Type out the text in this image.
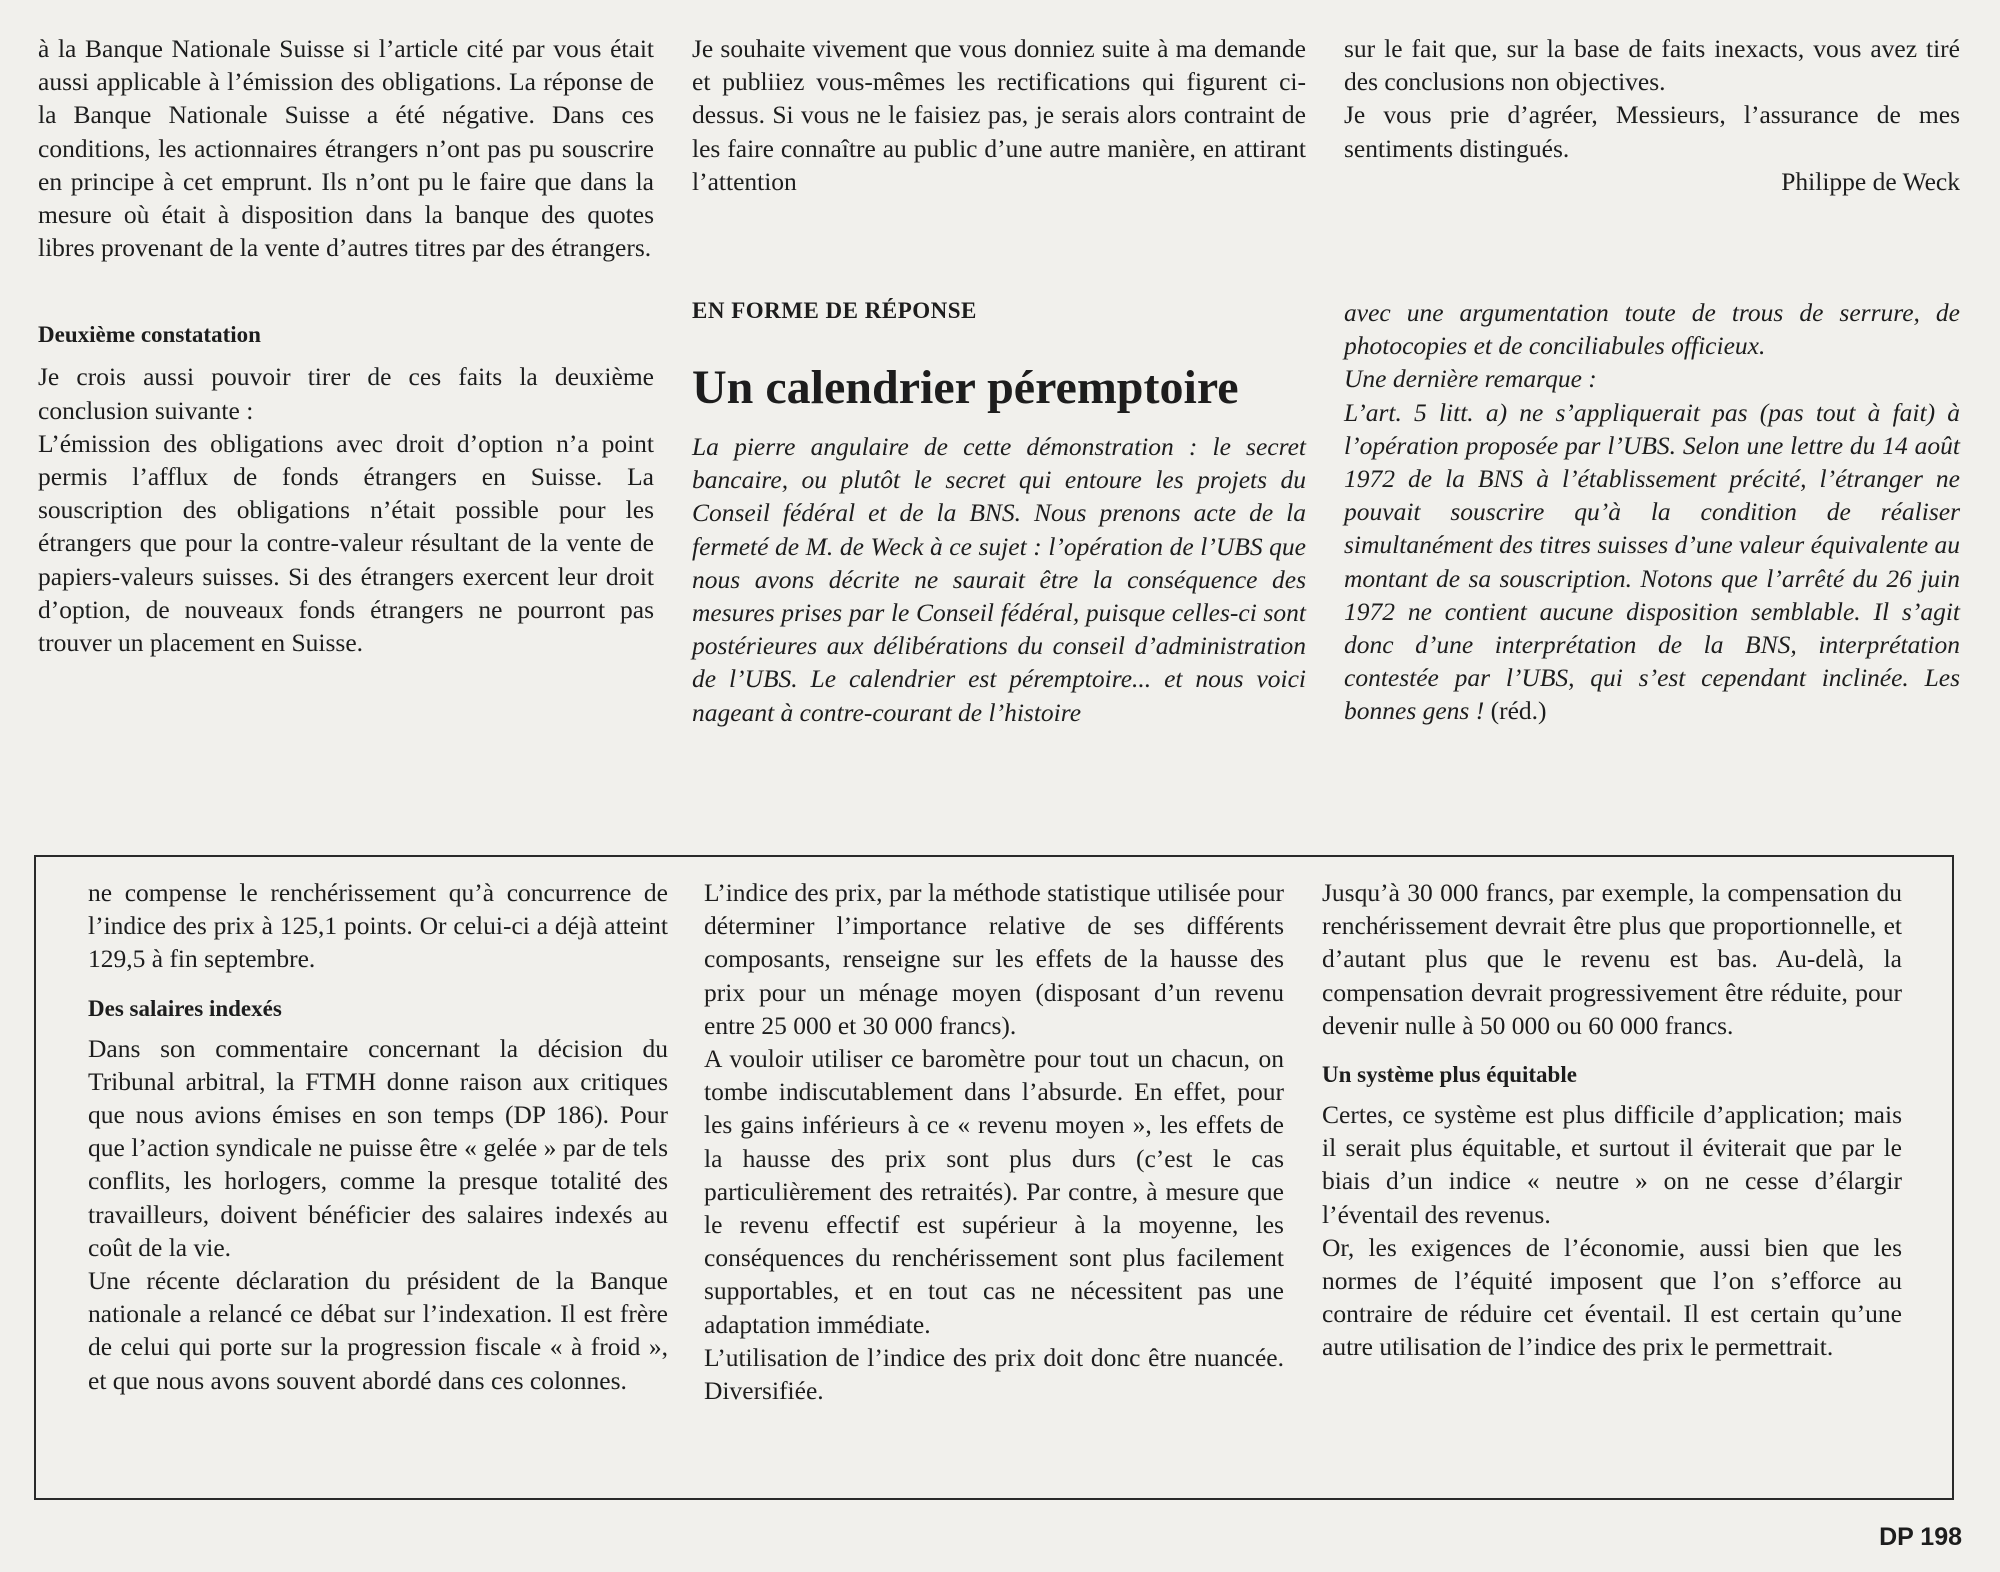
à la Banque Nationale Suisse si l’article cité par vous était aussi applicable à l’émission des obligations. La réponse de la Banque Nationale Suisse a été négative. Dans ces conditions, les actionnaires étrangers n’ont pas pu souscrire en principe à cet emprunt. Ils n’ont pu le faire que dans la mesure où était à disposition dans la banque des quotes libres provenant de la vente d’autres titres par des étrangers.

Deuxième constatation

Je crois aussi pouvoir tirer de ces faits la deuxième conclusion suivante :

L’émission des obligations avec droit d’option n’a point permis l’afflux de fonds étrangers en Suisse. La souscription des obligations n’était possible pour les étrangers que pour la contre-valeur résultant de la vente de papiers-valeurs suisses. Si des étrangers exercent leur droit d’option, de nouveaux fonds étrangers ne pourront pas trouver un placement en Suisse.

Je souhaite vivement que vous donniez suite à ma demande et publiiez vous-mêmes les rectifications qui figurent ci-dessus. Si vous ne le faisiez pas, je serais alors contraint de les faire connaître au public d’une autre manière, en attirant l’attention

EN FORME DE RÉPONSE
Un calendrier péremptoire

La pierre angulaire de cette démonstration : le secret bancaire, ou plutôt le secret qui entoure les projets du Conseil fédéral et de la BNS. Nous prenons acte de la fermeté de M. de Weck à ce sujet : l’opération de l’UBS que nous avons décrite ne saurait être la conséquence des mesures prises par le Conseil fédéral, puisque celles-ci sont postérieures aux délibérations du conseil d’administration de l’UBS. Le calendrier est péremptoire... et nous voici nageant à contre-courant de l’histoire

sur le fait que, sur la base de faits inexacts, vous avez tiré des conclusions non objectives.

Je vous prie d’agréer, Messieurs, l’assurance de mes sentiments distingués.

Philippe de Weck

avec une argumentation toute de trous de serrure, de photocopies et de conciliabules officieux.

Une dernière remarque :

L’art. 5 litt. a) ne s’appliquerait pas (pas tout à fait) à l’opération proposée par l’UBS. Selon une lettre du 14 août 1972 de la BNS à l’établissement précité, l’étranger ne pouvait souscrire qu’à la condition de réaliser simultanément des titres suisses d’une valeur équivalente au montant de sa souscription. Notons que l’arrêté du 26 juin 1972 ne contient aucune disposition semblable. Il s’agit donc d’une interprétation de la BNS, interprétation contestée par l’UBS, qui s’est cependant inclinée. Les bonnes gens ! (réd.)

ne compense le renchérissement qu’à concurrence de l’indice des prix à 125,1 points. Or celui-ci a déjà atteint 129,5 à fin septembre.

Des salaires indexés

Dans son commentaire concernant la décision du Tribunal arbitral, la FTMH donne raison aux critiques que nous avions émises en son temps (DP 186). Pour que l’action syndicale ne puisse être « gelée » par de tels conflits, les horlogers, comme la presque totalité des travailleurs, doivent bénéficier des salaires indexés au coût de la vie.

Une récente déclaration du président de la Banque nationale a relancé ce débat sur l’indexation. Il est frère de celui qui porte sur la progression fiscale « à froid », et que nous avons souvent abordé dans ces colonnes.

L’indice des prix, par la méthode statistique utilisée pour déterminer l’importance relative de ses différents composants, renseigne sur les effets de la hausse des prix pour un ménage moyen (disposant d’un revenu entre 25 000 et 30 000 francs).

A vouloir utiliser ce baromètre pour tout un chacun, on tombe indiscutablement dans l’absurde. En effet, pour les gains inférieurs à ce « revenu moyen », les effets de la hausse des prix sont plus durs (c’est le cas particulièrement des retraités). Par contre, à mesure que le revenu effectif est supérieur à la moyenne, les conséquences du renchérissement sont plus facilement supportables, et en tout cas ne nécessitent pas une adaptation immédiate.

L’utilisation de l’indice des prix doit donc être nuancée. Diversifiée.

Jusqu’à 30 000 francs, par exemple, la compensation du renchérissement devrait être plus que proportionnelle, et d’autant plus que le revenu est bas. Au-delà, la compensation devrait progressivement être réduite, pour devenir nulle à 50 000 ou 60 000 francs.

Un système plus équitable

Certes, ce système est plus difficile d’application; mais il serait plus équitable, et surtout il éviterait que par le biais d’un indice « neutre » on ne cesse d’élargir l’éventail des revenus.

Or, les exigences de l’économie, aussi bien que les normes de l’équité imposent que l’on s’efforce au contraire de réduire cet éventail. Il est certain qu’une autre utilisation de l’indice des prix le permettrait.

DP 198
